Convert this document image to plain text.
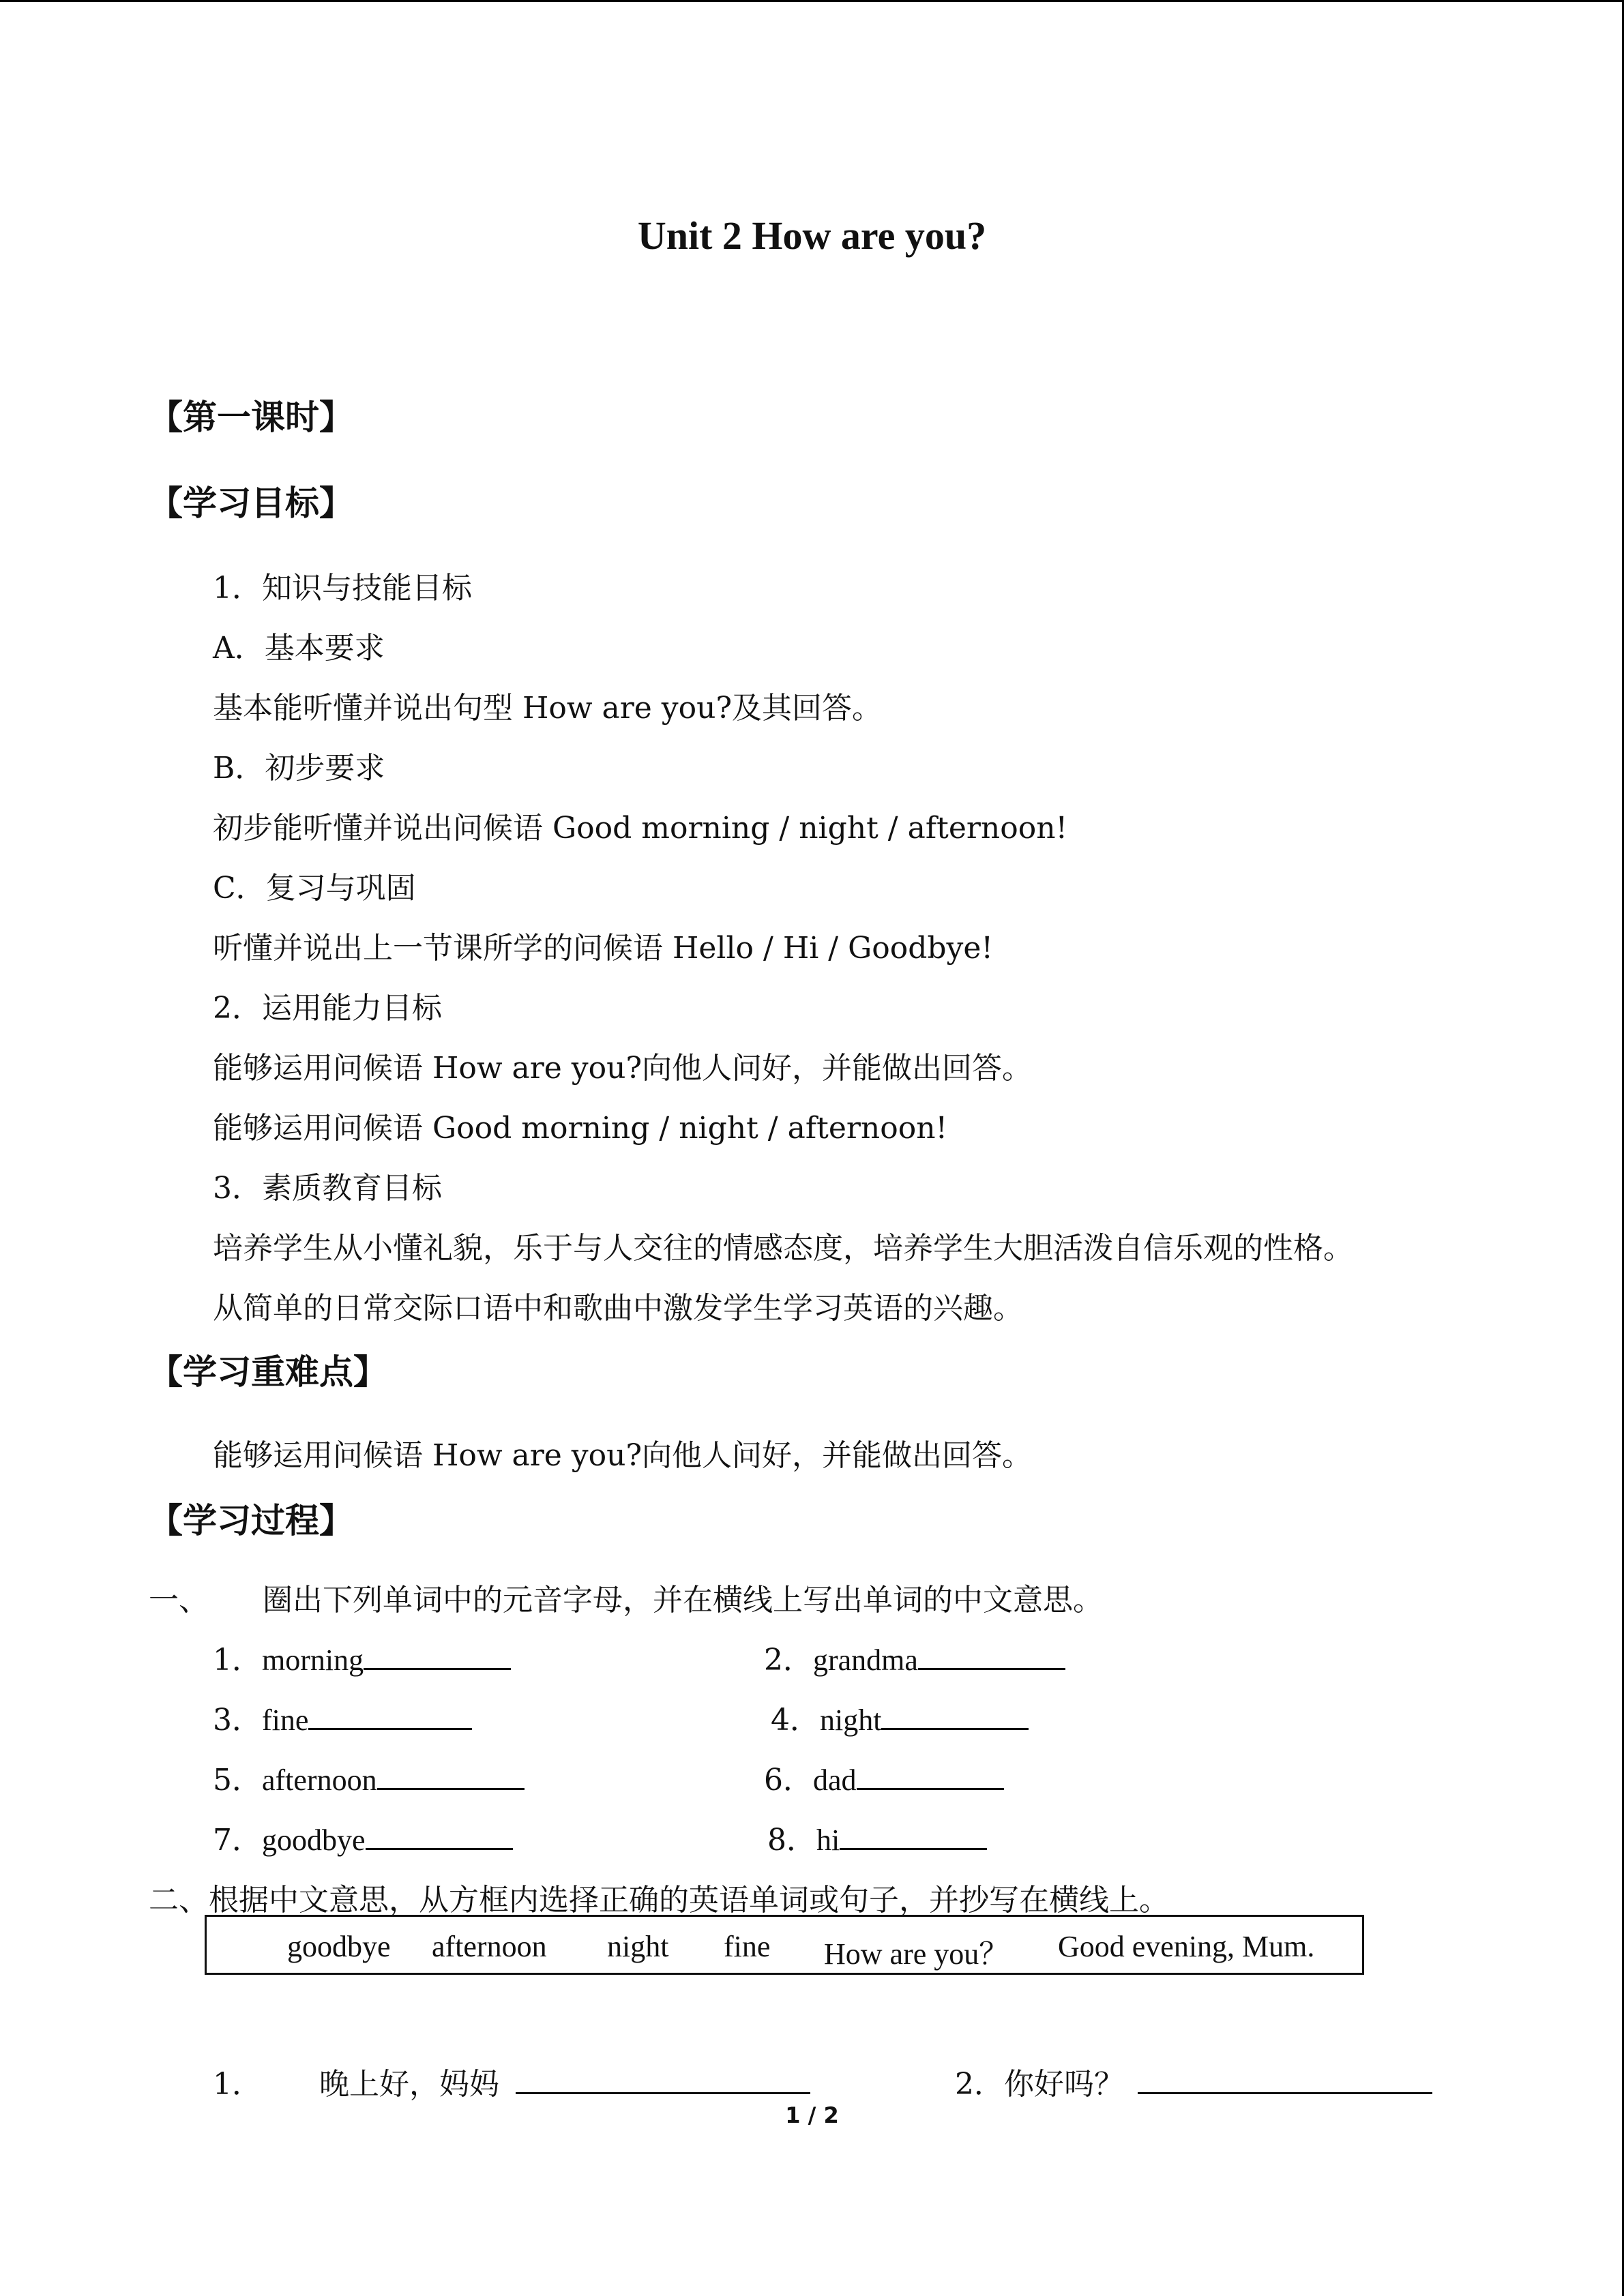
Unit 2 How are you?
【第一课时】
【学习目标】
1．知识与技能目标
A．基本要求
基本能听懂并说出句型 How are you?及其回答。
B．初步要求
初步能听懂并说出问候语 Good morning / night / afternoon!
C．复习与巩固
听懂并说出上一节课所学的问候语 Hello / Hi / Goodbye!
2．运用能力目标
能够运用问候语 How are you?向他人问好，并能做出回答。
能够运用问候语 Good morning / night / afternoon!
3．素质教育目标
培养学生从小懂礼貌，乐于与人交往的情感态度，培养学生大胆活泼自信乐观的性格。
从简单的日常交际口语中和歌曲中激发学生学习英语的兴趣。
【学习重难点】
能够运用问候语 How are you?向他人问好，并能做出回答。
【学习过程】
一、 圈出下列单词中的元音字母，并在横线上写出单词的中文意思。
1．morning	2．grandma
3．fine	4．night
5．afternoon	6．dad
7．goodbye	8．hi
二、根据中文意思，从方框内选择正确的英语单词或句子，并抄写在横线上。
goodbye afternoon night fine How are you？ Good evening, Mum.
1． 晚上好，妈妈	2．你好吗？
1 / 2
